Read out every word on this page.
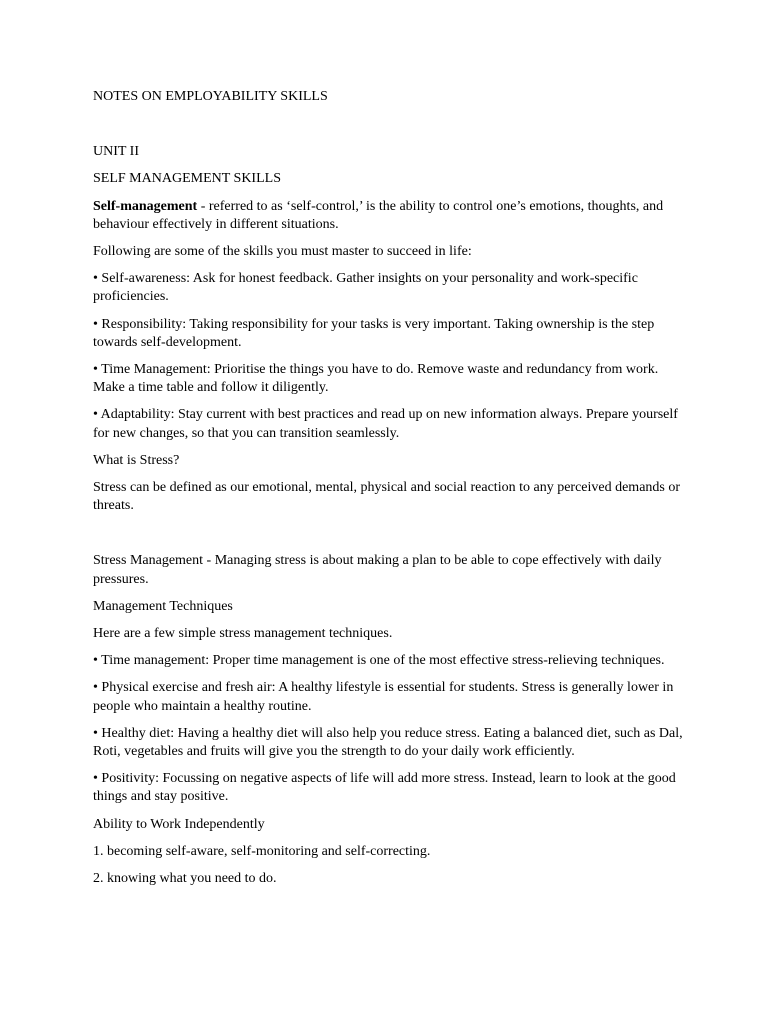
NOTES ON EMPLOYABILITY SKILLS

UNIT II

SELF MANAGEMENT SKILLS

Self-management - referred to as ‘self-control,’ is the ability to control one’s emotions, thoughts, and behaviour effectively in different situations.

Following are some of the skills you must master to succeed in life:

• Self-awareness: Ask for honest feedback. Gather insights on your personality and work-specific proficiencies.

• Responsibility: Taking responsibility for your tasks is very important. Taking ownership is the step towards self-development.

• Time Management: Prioritise the things you have to do. Remove waste and redundancy from work. Make a time table and follow it diligently.

• Adaptability: Stay current with best practices and read up on new information always. Prepare yourself for new changes, so that you can transition seamlessly.

What is Stress?

Stress can be defined as our emotional, mental, physical and social reaction to any perceived demands or threats.

Stress Management - Managing stress is about making a plan to be able to cope effectively with daily pressures.

Management Techniques

Here are a few simple stress management techniques.

• Time management: Proper time management is one of the most effective stress-relieving techniques.

• Physical exercise and fresh air: A healthy lifestyle is essential for students. Stress is generally lower in people who maintain a healthy routine.

• Healthy diet: Having a healthy diet will also help you reduce stress. Eating a balanced diet, such as Dal, Roti, vegetables and fruits will give you the strength to do your daily work efficiently.

• Positivity: Focussing on negative aspects of life will add more stress. Instead, learn to look at the good things and stay positive.

Ability to Work Independently

1. becoming self-aware, self-monitoring and self-correcting.

2. knowing what you need to do.
